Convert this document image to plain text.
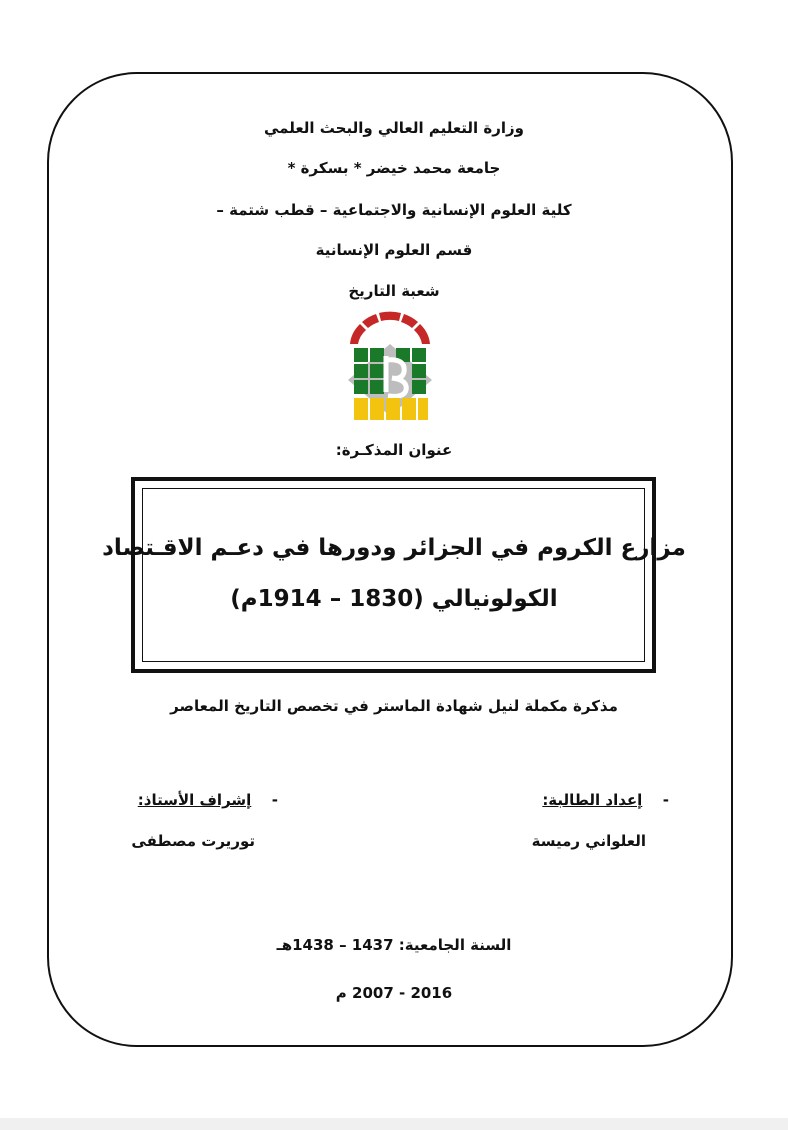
وزارة التعليم العالي والبحث العلمي
جامعة محمد خيضر * بسكرة *
كلية العلوم الإنسانية والاجتماعية – قطب شتمة –
قسم العلوم الإنسانية
شعبة التاريخ
عنوان المذكـرة:
مزارع الكروم في الجزائر ودورها في دعـم الاقـتصاد
الكولونيالي (1830 – 1914م)
مذكرة مكملة لنيل شهادة الماستر في تخصص التاريخ المعاصر
-  إعداد الطالبة:
-  إشراف الأستاذ:
العلواني رميسة
توريرت مصطفى
السنة الجامعية: 1437 – 1438هـ
2016 - 2007 م
